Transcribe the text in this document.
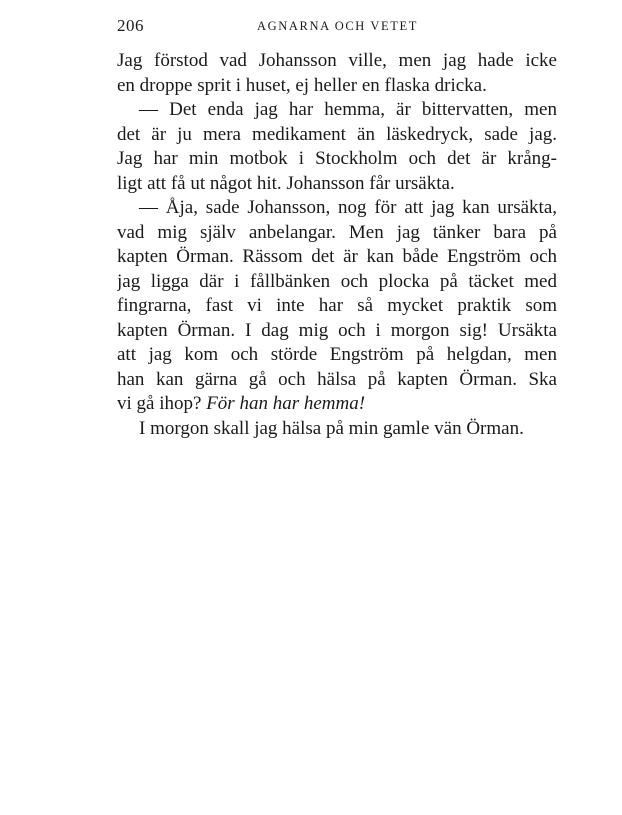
206	AGNARNA OCH VETET
Jag förstod vad Johansson ville, men jag hade icke
en droppe sprit i huset, ej heller en flaska dricka.
— Det enda jag har hemma, är bittervatten, men
det är ju mera medikament än läskedryck, sade jag.
Jag har min motbok i Stockholm och det är krång-
ligt att få ut något hit. Johansson får ursäkta.
— Åja, sade Johansson, nog för att jag kan ursäkta,
vad mig själv anbelangar. Men jag tänker bara på
kapten Örman. Rässom det är kan både Engström och
jag ligga där i fållbänken och plocka på täcket med
fingrarna, fast vi inte har så mycket praktik som
kapten Örman. I dag mig och i morgon sig! Ursäkta
att jag kom och störde Engström på helgdan, men
han kan gärna gå och hälsa på kapten Örman. Ska
vi gå ihop? För han har hemma!
I morgon skall jag hälsa på min gamle vän Örman.
